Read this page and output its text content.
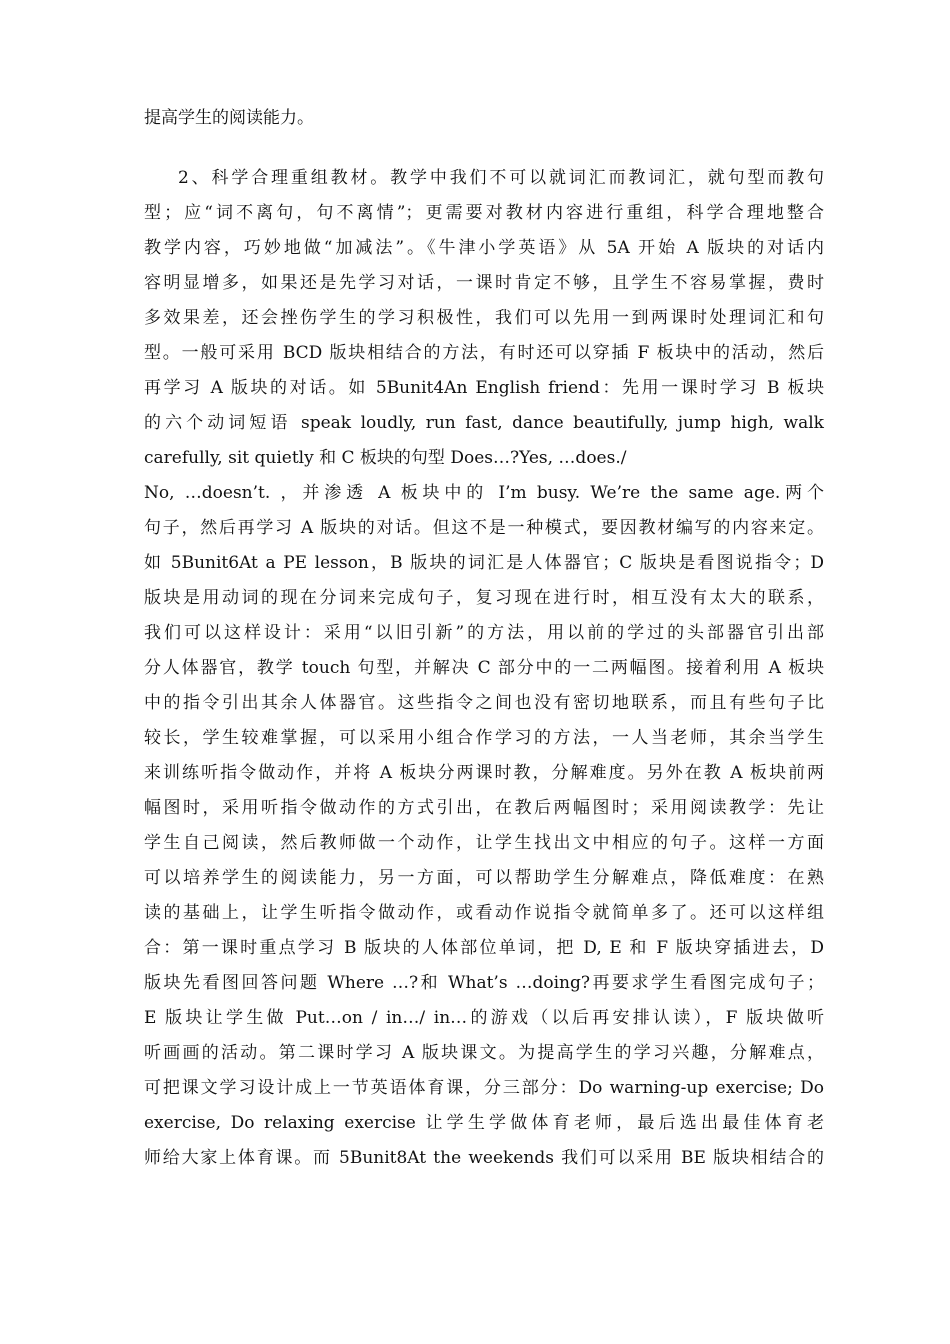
提高学生的阅读能力。
2、科学合理重组教材。教学中我们不可以就词汇而教词汇，就句型而教句
型；应“词不离句，句不离情”；更需要对教材内容进行重组，科学合理地整合
教学内容，巧妙地做“加减法”。《牛津小学英语》从 5A 开始 A 版块的对话内
容明显增多，如果还是先学习对话，一课时肯定不够，且学生不容易掌握，费时
多效果差，还会挫伤学生的学习积极性，我们可以先用一到两课时处理词汇和句
型。一般可采用 BCD 版块相结合的方法，有时还可以穿插 F 板块中的活动，然后
再学习 A 版块的对话。如 5Bunit4An English friend：先用一课时学习 B 板块
的六个动词短语 speak loudly, run fast, dance beautifully, jump high, walk
carefully, sit quietly 和 C 板块的句型 Does…?Yes, …does./
No, …doesn’t. ，并渗透 A 板块中的 I’m busy. We’re the same age.两个
句子，然后再学习 A 版块的对话。但这不是一种模式，要因教材编写的内容来定。
如 5Bunit6At a PE lesson，B 版块的词汇是人体器官；C 版块是看图说指令；D
版块是用动词的现在分词来完成句子，复习现在进行时，相互没有太大的联系，
我们可以这样设计：采用“以旧引新”的方法，用以前的学过的头部器官引出部
分人体器官，教学 touch 句型，并解决 C 部分中的一二两幅图。接着利用 A 板块
中的指令引出其余人体器官。这些指令之间也没有密切地联系，而且有些句子比
较长，学生较难掌握，可以采用小组合作学习的方法，一人当老师，其余当学生
来训练听指令做动作，并将 A 板块分两课时教，分解难度。另外在教 A 板块前两
幅图时，采用听指令做动作的方式引出，在教后两幅图时；采用阅读教学：先让
学生自己阅读，然后教师做一个动作，让学生找出文中相应的句子。这样一方面
可以培养学生的阅读能力，另一方面，可以帮助学生分解难点，降低难度：在熟
读的基础上，让学生听指令做动作，或看动作说指令就简单多了。还可以这样组
合：第一课时重点学习 B 版块的人体部位单词，把 D, E 和 F 版块穿插进去，D
版块先看图回答问题 Where …?和 What’s …doing?再要求学生看图完成句子；
E 版块让学生做 Put…on / in…/ in…的游戏（以后再安排认读），F 版块做听
听画画的活动。第二课时学习 A 版块课文。为提高学生的学习兴趣，分解难点，
可把课文学习设计成上一节英语体育课，分三部分：Do warning-up exercise; Do
exercise, Do relaxing exercise 让学生学做体育老师，最后选出最佳体育老
师给大家上体育课。而 5Bunit8At the weekends 我们可以采用 BE 版块相结合的
